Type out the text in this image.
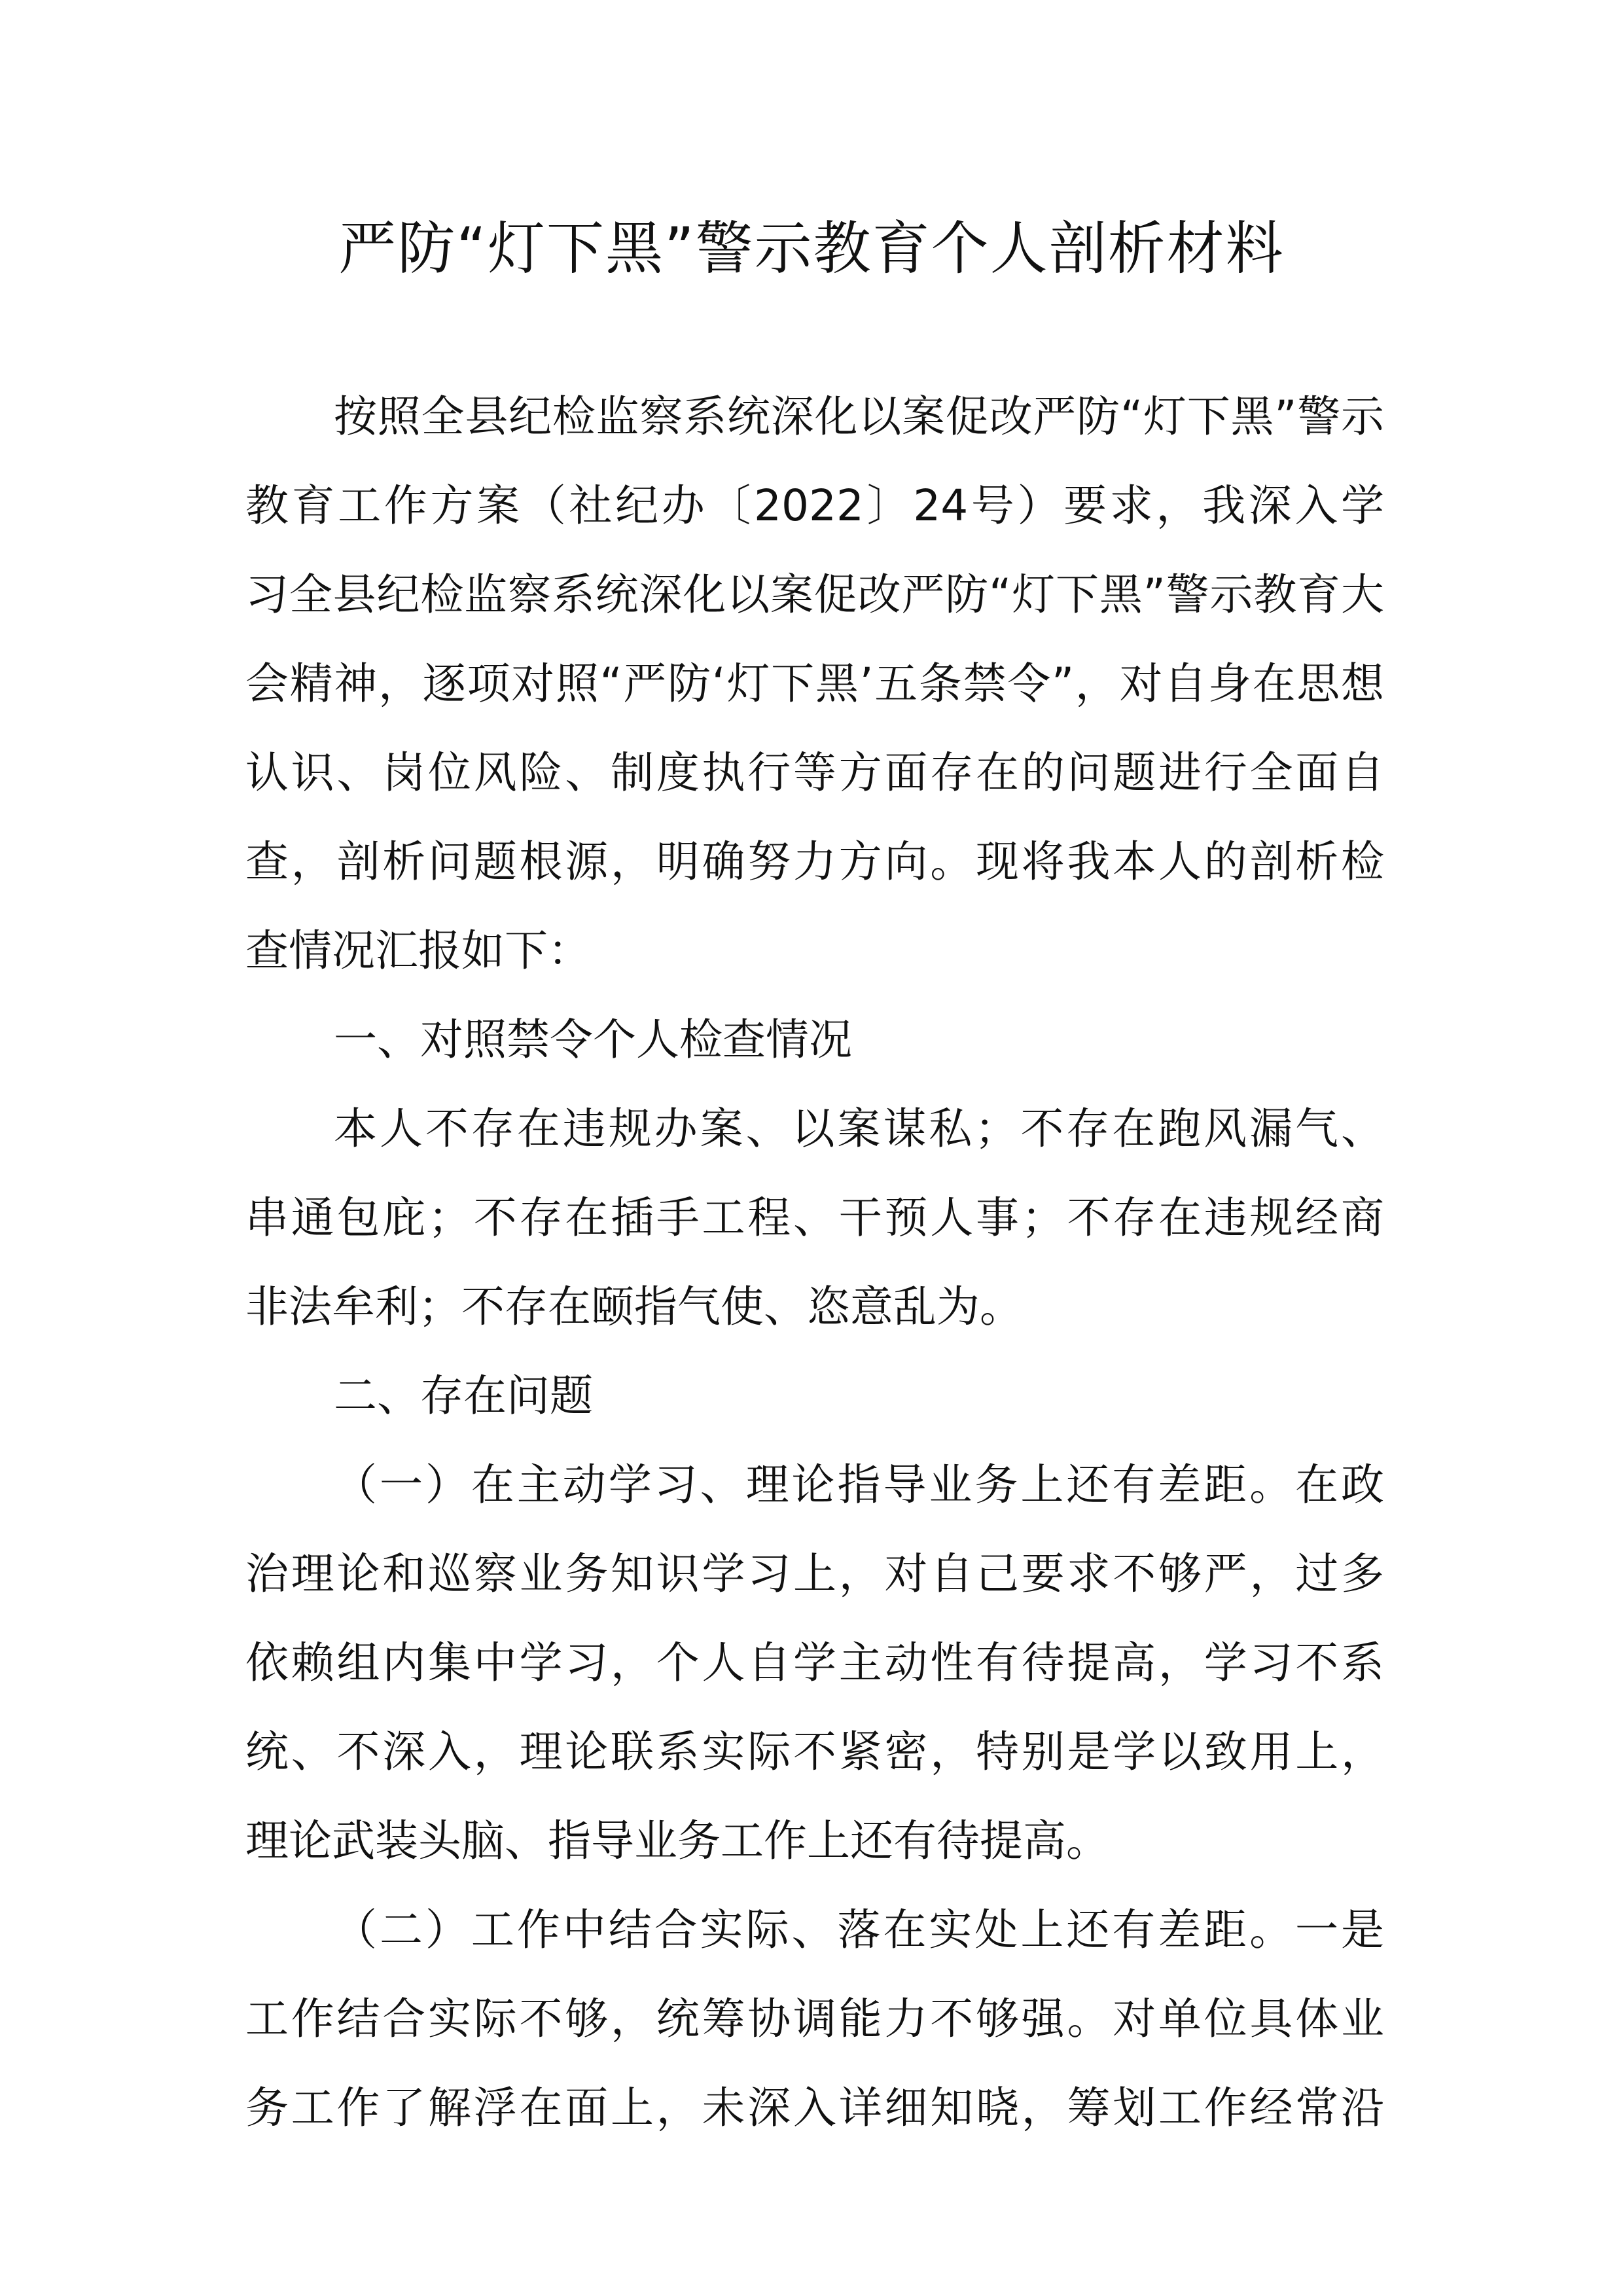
严防“灯下黑”警示教育个人剖析材料

按照全县纪检监察系统深化以案促改严防“灯下黑”警示

教育工作方案（社纪办〔2022〕24号）要求，我深入学

习全县纪检监察系统深化以案促改严防“灯下黑”警示教育大

会精神，逐项对照“严防‘灯下黑’五条禁令”，对自身在思想

认识、岗位风险、制度执行等方面存在的问题进行全面自

查，剖析问题根源，明确努力方向。现将我本人的剖析检

查情况汇报如下：

一、对照禁令个人检查情况

本人不存在违规办案、以案谋私；不存在跑风漏气、

串通包庇；不存在插手工程、干预人事；不存在违规经商

非法牟利；不存在颐指气使、恣意乱为。

二、存在问题

（一）在主动学习、理论指导业务上还有差距。在政

治理论和巡察业务知识学习上，对自己要求不够严，过多

依赖组内集中学习，个人自学主动性有待提高，学习不系

统、不深入，理论联系实际不紧密，特别是学以致用上，

理论武装头脑、指导业务工作上还有待提高。

（二）工作中结合实际、落在实处上还有差距。一是

工作结合实际不够，统筹协调能力不够强。对单位具体业

务工作了解浮在面上，未深入详细知晓，筹划工作经常沿
